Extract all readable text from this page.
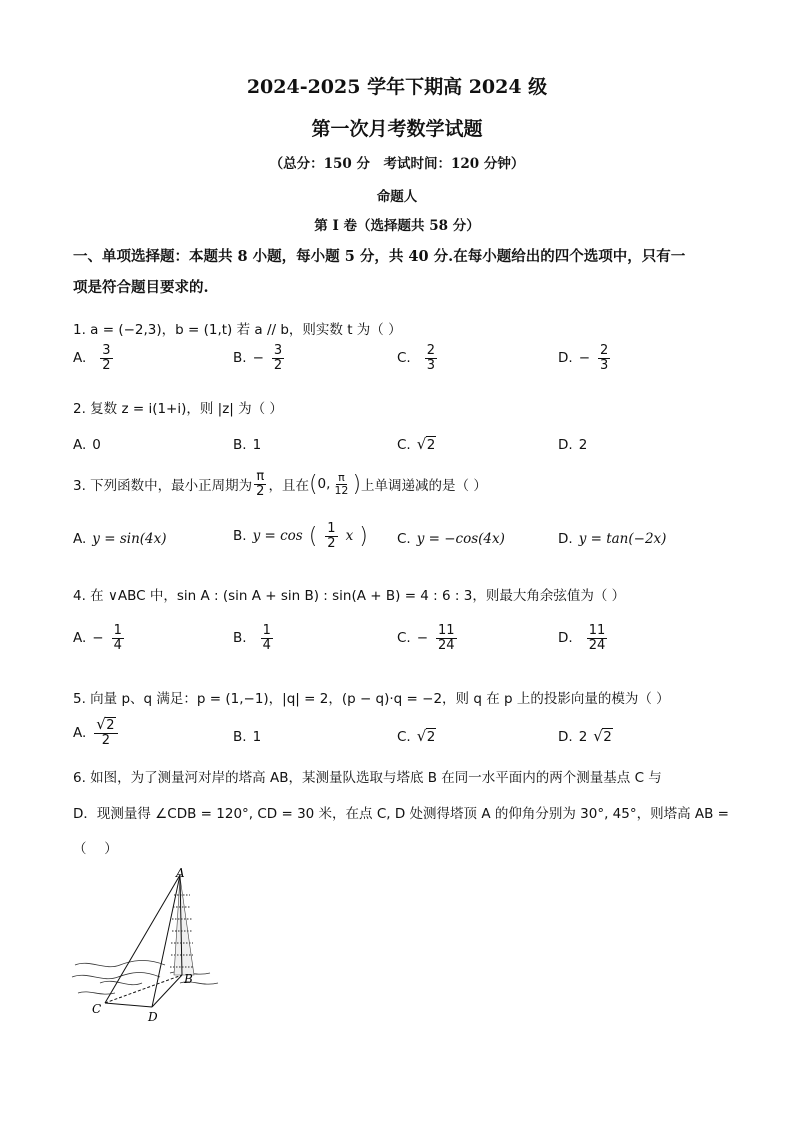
2024-2025 学年下期高 2024 级
第一次月考数学试题
（总分：150 分　考试时间：120 分钟）
命题人
第 I 卷（选择题共 58 分）
一、单项选择题：本题共 8 小题，每小题 5 分，共 40 分.在每小题给出的四个选项中，只有一
项是符合题目要求的.
1. a = (−2,3)，b = (1,t) 若 a // b，则实数 t 为（ ）
A. $\frac{3}{2}$	B. − $\frac{3}{2}$	C. $\frac{2}{3}$	D. − $\frac{2}{3}$
2. 复数 z = i(1+i)，则 |z| 为（ ）
A. 0	B. 1	C.	√ 2	D. 2
3. 下列函数中，最小正周期为 $\frac{\pi}{2}$ ，且在 ( 0, $\frac{\pi}{12}$ ) 上单调递减的是（ ）
A. y = sin(4x)	B. y = cos ( $\frac{1}{2}$ x ) C. y = −cos(4x)	D. y = tan(−2x)
4. 在 ∨ABC 中，sin A : (sin A + sin B) : sin(A + B) = 4 : 6 : 3，则最大角余弦值为（ ）
A. − $\frac{1}{4}$	B. $\frac{1}{4}$	C. − $\frac{11}{24}$	D. $\frac{11}{24}$
5. 向量 p、q 满足：p = (1,−1)，|q| = 2，(p − q)·q = −2，则 q 在 p 上的投影向量的模为（ ）
A. √ $\frac{2}{2}$	B. 1	C.	√ 2	D. 2	√ 2
6. 如图，为了测量河对岸的塔高 AB，某测量队选取与塔底 B 在同一水平面内的两个测量基点 C 与
D．现测量得 ∠CDB = 120°, CD = 30 米，在点 C, D 处测得塔顶 A 的仰角分别为 30°, 45°，则塔高 AB =
（　 ）
A
B
C
D
